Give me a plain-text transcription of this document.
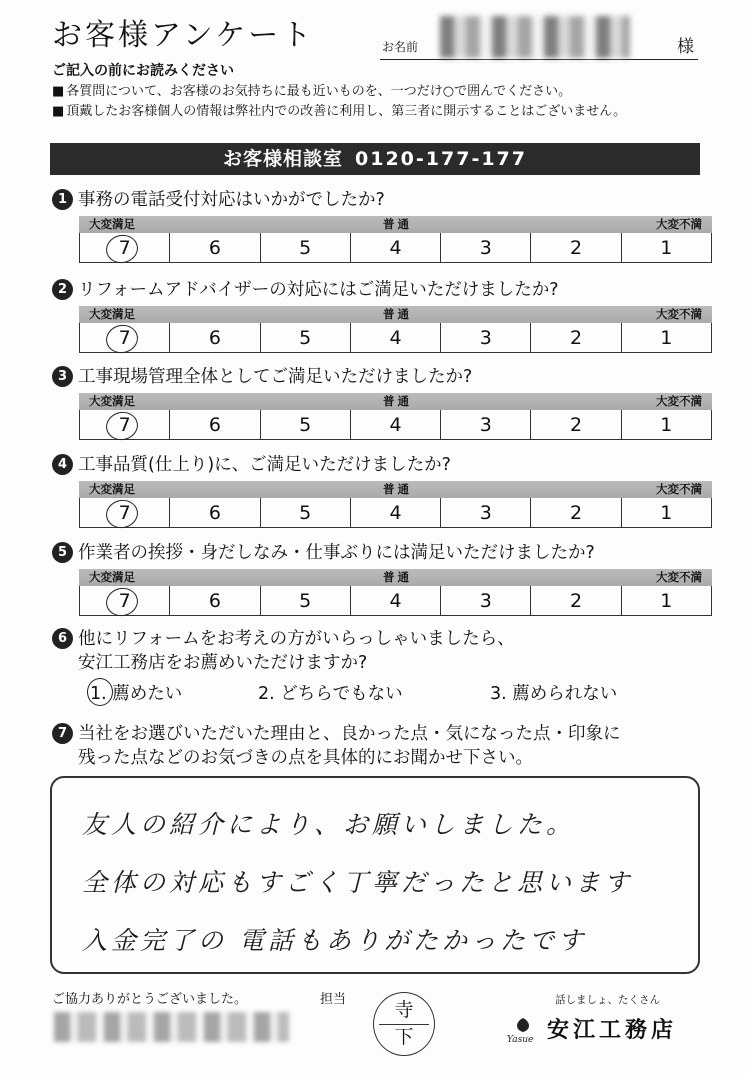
お客様アンケート	お名前	様
ご記入の前にお読みください
■ 各質問について、お客様のお気持ちに最も近いものを、一つだけ○で囲んでください。
■ 頂戴したお客様個人の情報は弊社内での改善に利用し、第三者に開示することはございません。
お客様相談室 0120-177-177
1 事務の電話受付対応はいかがでしたか?
大変満足	普通	大変不満
7	6	5	4	3	2	1
2 リフォームアドバイザーの対応にはご満足いただけましたか?
大変満足	普通	大変不満
7	6	5	4	3	2	1
3 工事現場管理全体としてご満足いただけましたか?
大変満足	普通	大変不満
7	6	5	4	3	2	1
4 工事品質(仕上り)に、ご満足いただけましたか?
大変満足	普通	大変不満
7	6	5	4	3	2	1
5 作業者の挨拶・身だしなみ・仕事ぶりには満足いただけましたか?
大変満足	普通	大変不満
7	6	5	4	3	2	1
6 他にリフォームをお考えの方がいらっしゃいましたら、
安江工務店をお薦めいただけますか?
1. 薦めたい	2. どちらでもない	3. 薦められない
7 当社をお選びいただいた理由と、良かった点・気になった点・印象に
残った点などのお気づきの点を具体的にお聞かせ下さい。
友人の紹介により、お願いしました。
全体の対応もすごく丁寧だったと思います
入金完了の 電話もありがたかったです
ご協力ありがとうございました。	担当	寺
下
話しましょ、たくさん
Yasue 安江工務店
